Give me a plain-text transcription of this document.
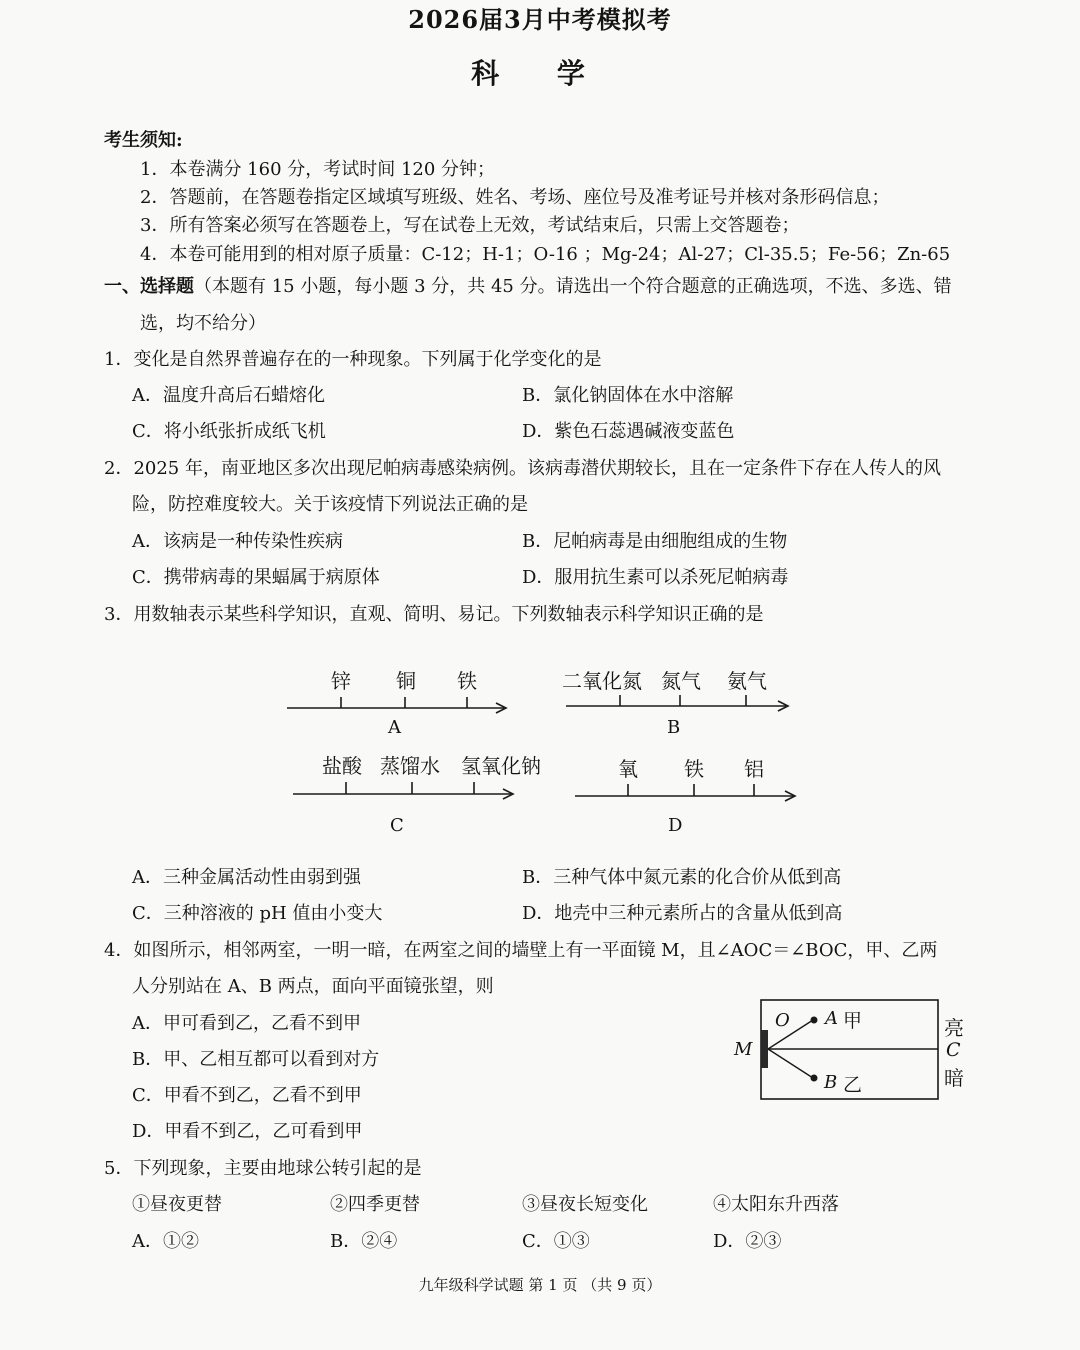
2026届3月中考模拟考
科 学
考生须知:
1．本卷满分 160 分，考试时间 120 分钟；
2．答题前，在答题卷指定区域填写班级、姓名、考场、座位号及准考证号并核对条形码信息；
3．所有答案必须写在答题卷上，写在试卷上无效，考试结束后，只需上交答题卷；
4．本卷可能用到的相对原子质量：C-12；H-1；O-16 ；Mg-24；Al-27；Cl-35.5；Fe-56；Zn-65
一、选择题（本题有 15 小题，每小题 3 分，共 45 分。请选出一个符合题意的正确选项，不选、多选、错
选，均不给分）
1．变化是自然界普遍存在的一种现象。下列属于化学变化的是
A．温度升高后石蜡熔化	B．氯化钠固体在水中溶解
C．将小纸张折成纸飞机	D．紫色石蕊遇碱液变蓝色
2．2025 年，南亚地区多次出现尼帕病毒感染病例。该病毒潜伏期较长，且在一定条件下存在人传人的风
险，防控难度较大。关于该疫情下列说法正确的是
A．该病是一种传染性疾病	B．尼帕病毒是由细胞组成的生物
C．携带病毒的果蝠属于病原体	D．服用抗生素可以杀死尼帕病毒
3．用数轴表示某些科学知识，直观、简明、易记。下列数轴表示科学知识正确的是
锌 铜 铁
A
二氧化氮 氮气 氨气
B
盐酸 蒸馏水 氢氧化钠
C
氧 铁 铝
D
A．三种金属活动性由弱到强	B．三种气体中氮元素的化合价从低到高
C．三种溶液的 pH 值由小变大	D．地壳中三种元素所占的含量从低到高
4．如图所示，相邻两室，一明一暗，在两室之间的墙壁上有一平面镜 M，且∠AOC＝∠BOC，甲、乙两
人分别站在 A、B 两点，面向平面镜张望，则
A．甲可看到乙，乙看不到甲
B．甲、乙相互都可以看到对方
C．甲看不到乙，乙看不到甲
D．甲看不到乙，乙可看到甲
O A 甲
M
B 乙
亮
C
暗
5．下列现象，主要由地球公转引起的是
①昼夜更替	②四季更替	③昼夜长短变化	④太阳东升西落
A．①②	B．②④	C．①③	D．②③
九年级科学试题 第 1 页 （共 9 页）
